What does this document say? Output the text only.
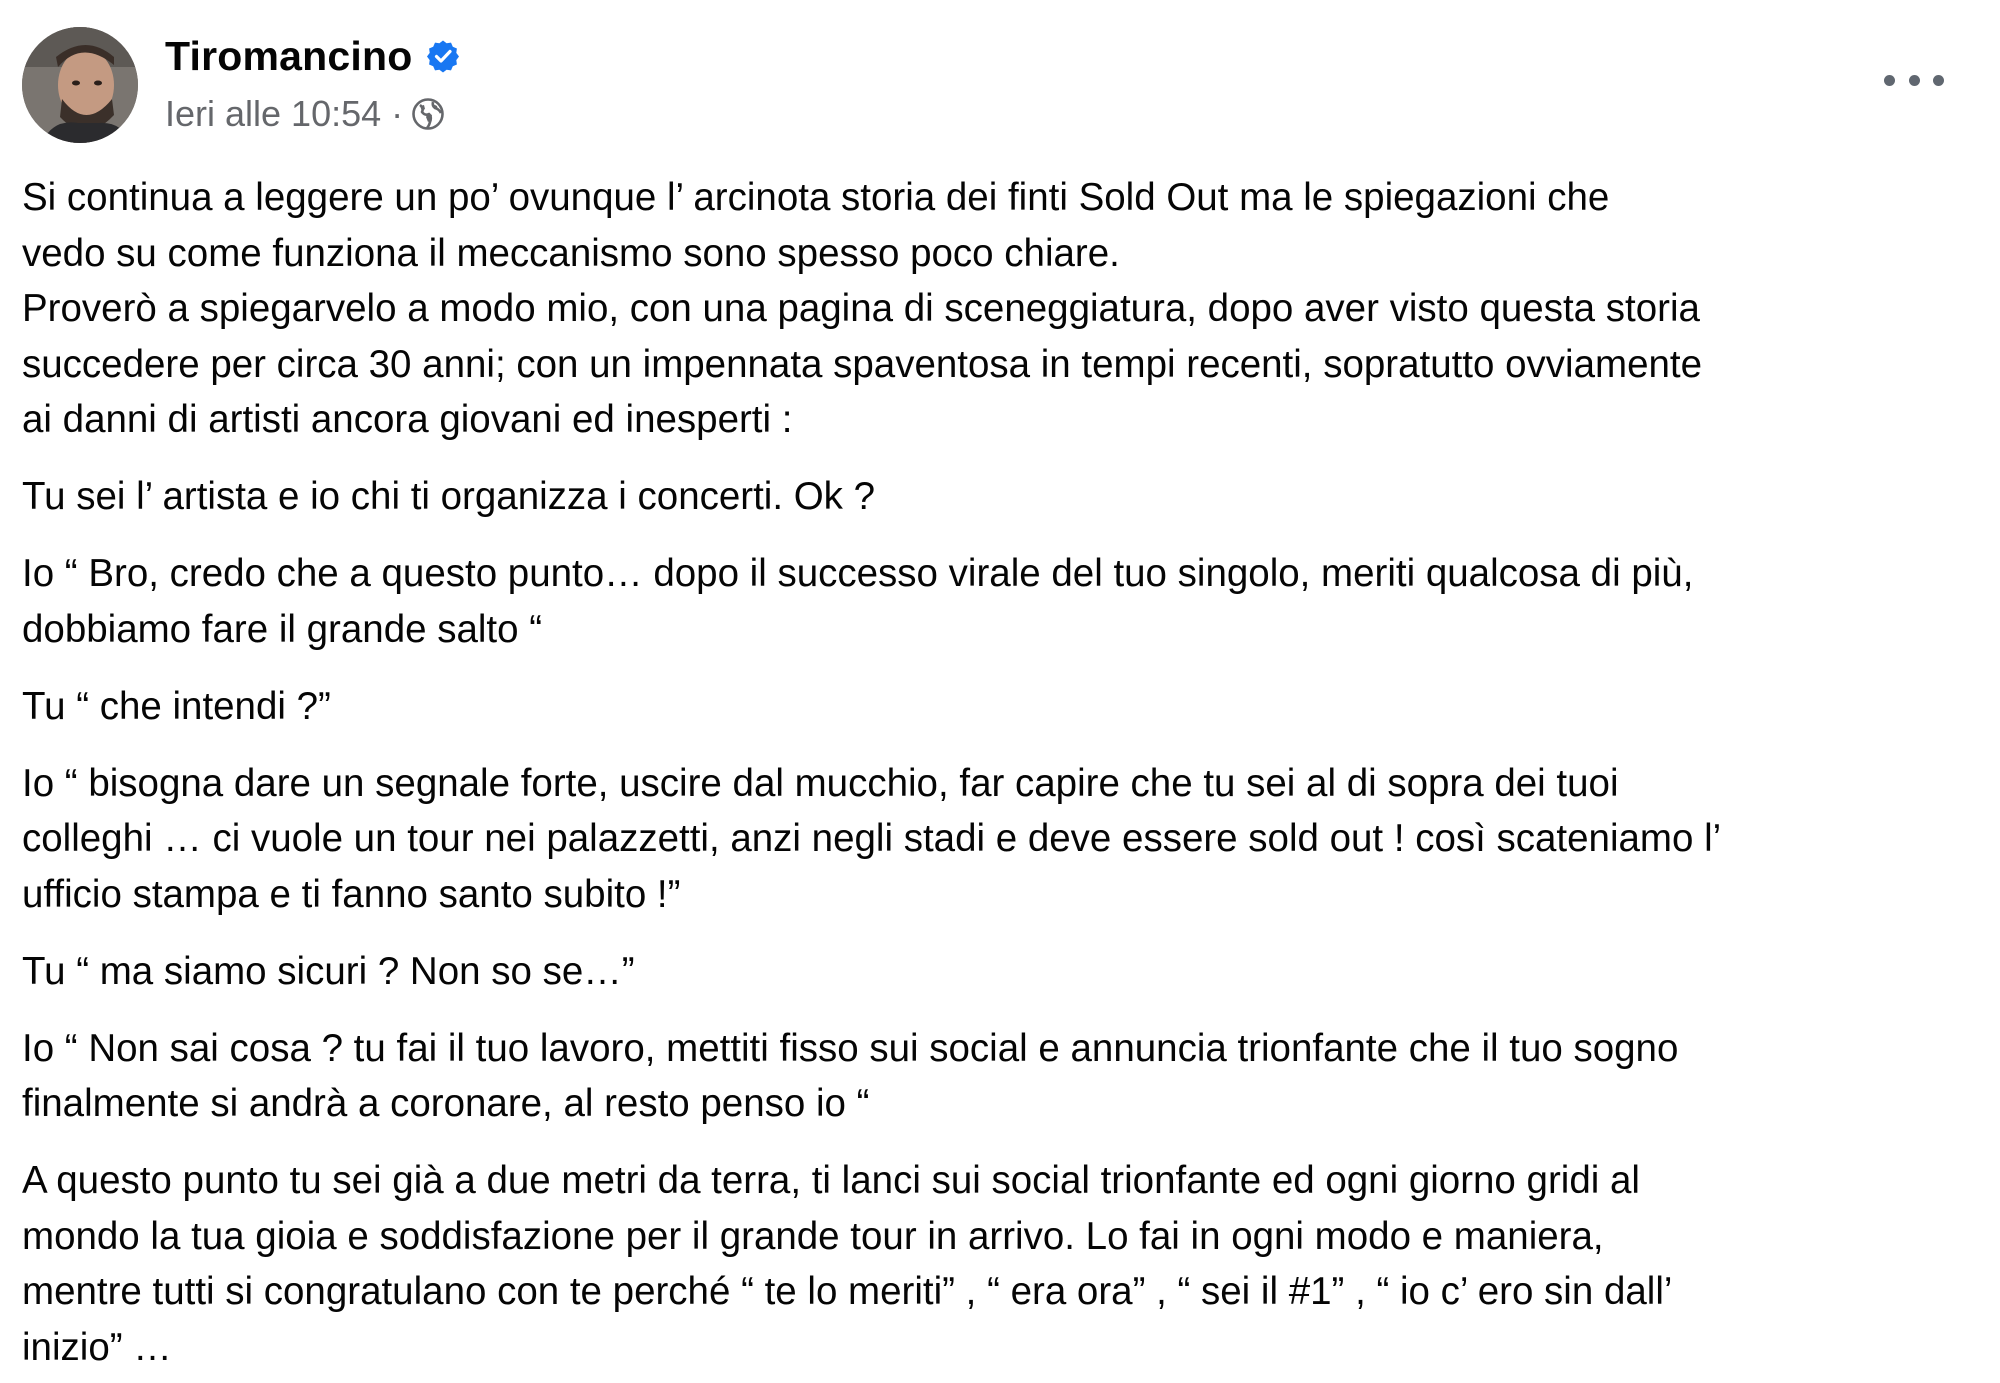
Tiromancino
Ieri alle 10:54 ·
Si continua a leggere un po’ ovunque l’ arcinota storia dei finti Sold Out ma le spiegazioni che
vedo su come funziona il meccanismo sono spesso poco chiare.
Proverò a spiegarvelo a modo mio, con una pagina di sceneggiatura, dopo aver visto questa storia
succedere per circa 30 anni; con un impennata spaventosa in tempi recenti, sopratutto ovviamente
ai danni di artisti ancora giovani ed inesperti :
Tu sei l’ artista e io chi ti organizza i concerti. Ok ?
Io “ Bro, credo che a questo punto… dopo il successo virale del tuo singolo, meriti qualcosa di più,
dobbiamo fare il grande salto “
Tu “ che intendi ?”
Io “ bisogna dare un segnale forte, uscire dal mucchio, far capire che tu sei al di sopra dei tuoi
colleghi … ci vuole un tour nei palazzetti, anzi negli stadi e deve essere sold out ! così scateniamo l’
ufficio stampa e ti fanno santo subito !”
Tu “ ma siamo sicuri ? Non so se…”
Io “ Non sai cosa ? tu fai il tuo lavoro, mettiti fisso sui social e annuncia trionfante che il tuo sogno
finalmente si andrà a coronare, al resto penso io “
A questo punto tu sei già a due metri da terra, ti lanci sui social trionfante ed ogni giorno gridi al
mondo la tua gioia e soddisfazione per il grande tour in arrivo. Lo fai in ogni modo e maniera,
mentre tutti si congratulano con te perché “ te lo meriti” , “ era ora” , “ sei il #1” , “ io c’ ero sin dall’
inizio” …
